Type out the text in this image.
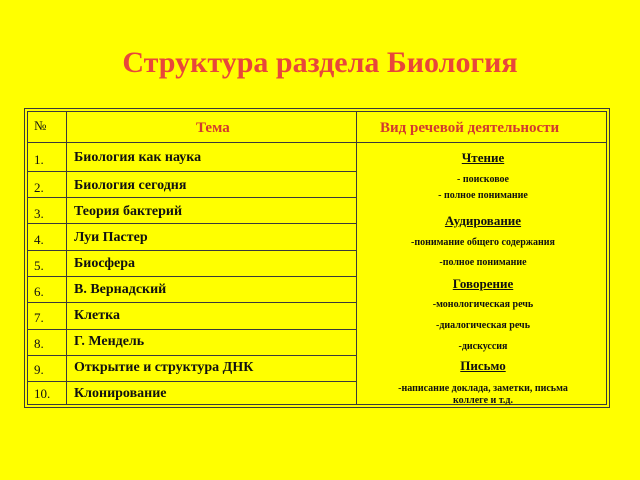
Структура раздела Биология
№	Тема	Вид речевой деятельности
1.
2.
3.
4.
5.
6.
7.
8.
9.
10.
Биология как наука
Биология сегодня
Теория бактерий
Луи Пастер
Биосфера
В. Вернадский
Клетка
Г. Мендель
Открытие и структура ДНК
Клонирование
Чтение
- поисковое
- полное понимание
Аудирование
-понимание общего содержания
-полное понимание
Говорение
-монологическая речь
-диалогическая речь
-дискуссия
Письмо
-написание доклада, заметки, письма
коллеге и т.д.
